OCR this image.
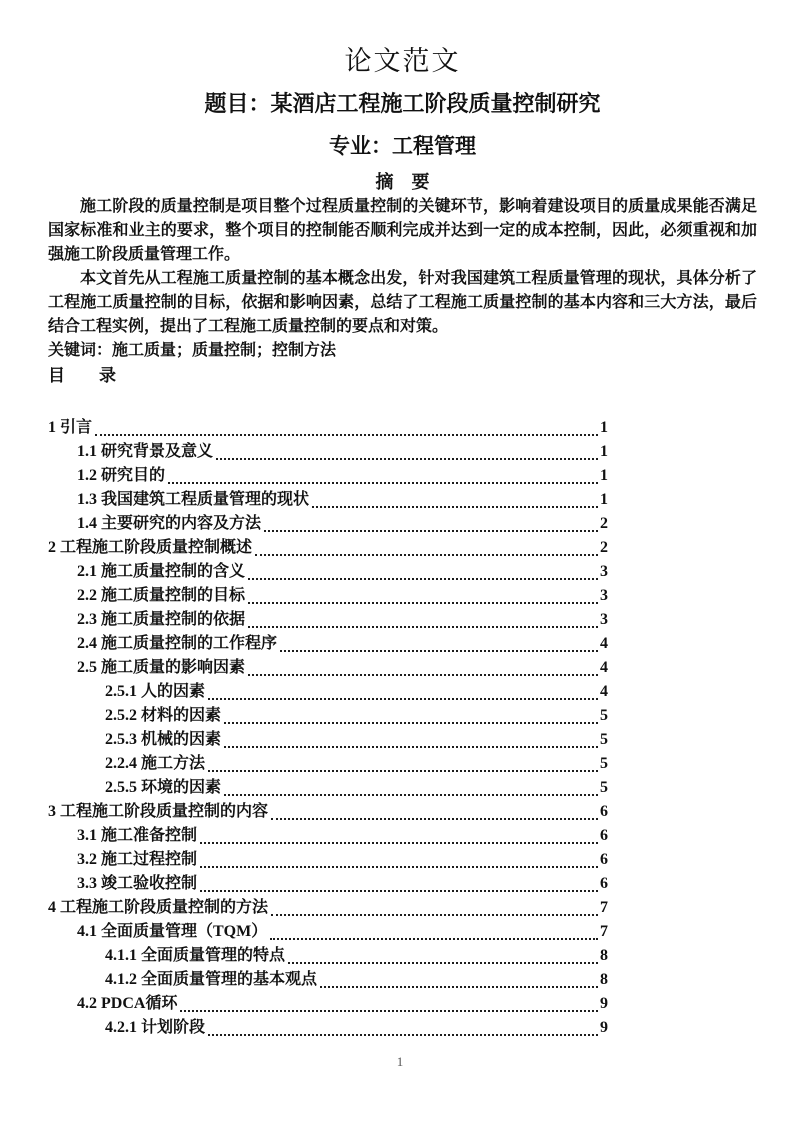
论文范文
题目：某酒店工程施工阶段质量控制研究
专业：工程管理
摘　要

施工阶段的质量控制是项目整个过程质量控制的关键环节，影响着建设项目的质量成果能否满足国家标准和业主的要求，整个项目的控制能否顺利完成并达到一定的成本控制，因此，必须重视和加强施工阶段质量管理工作。

本文首先从工程施工质量控制的基本概念出发，针对我国建筑工程质量管理的现状，具体分析了工程施工质量控制的目标，依据和影响因素，总结了工程施工质量控制的基本内容和三大方法，最后结合工程实例，提出了工程施工质量控制的要点和对策。

关键词：施工质量；质量控制；控制方法
目　　录
1 引言	1
1.1 研究背景及意义	1
1.2 研究目的	1
1.3 我国建筑工程质量管理的现状	1
1.4 主要研究的内容及方法	2
2 工程施工阶段质量控制概述	2
2.1 施工质量控制的含义	3
2.2 施工质量控制的目标	3
2.3 施工质量控制的依据	3
2.4 施工质量控制的工作程序	4
2.5 施工质量的影响因素	4
2.5.1 人的因素	4
2.5.2 材料的因素	5
2.5.3 机械的因素	5
2.2.4 施工方法	5
2.5.5 环境的因素	5
3 工程施工阶段质量控制的内容	6
3.1 施工准备控制	6
3.2 施工过程控制	6
3.3 竣工验收控制	6
4 工程施工阶段质量控制的方法	7
4.1 全面质量管理（TQM）	7
4.1.1 全面质量管理的特点	8
4.1.2 全面质量管理的基本观点	8
4.2 PDCA循环	9
4.2.1 计划阶段	9
1
